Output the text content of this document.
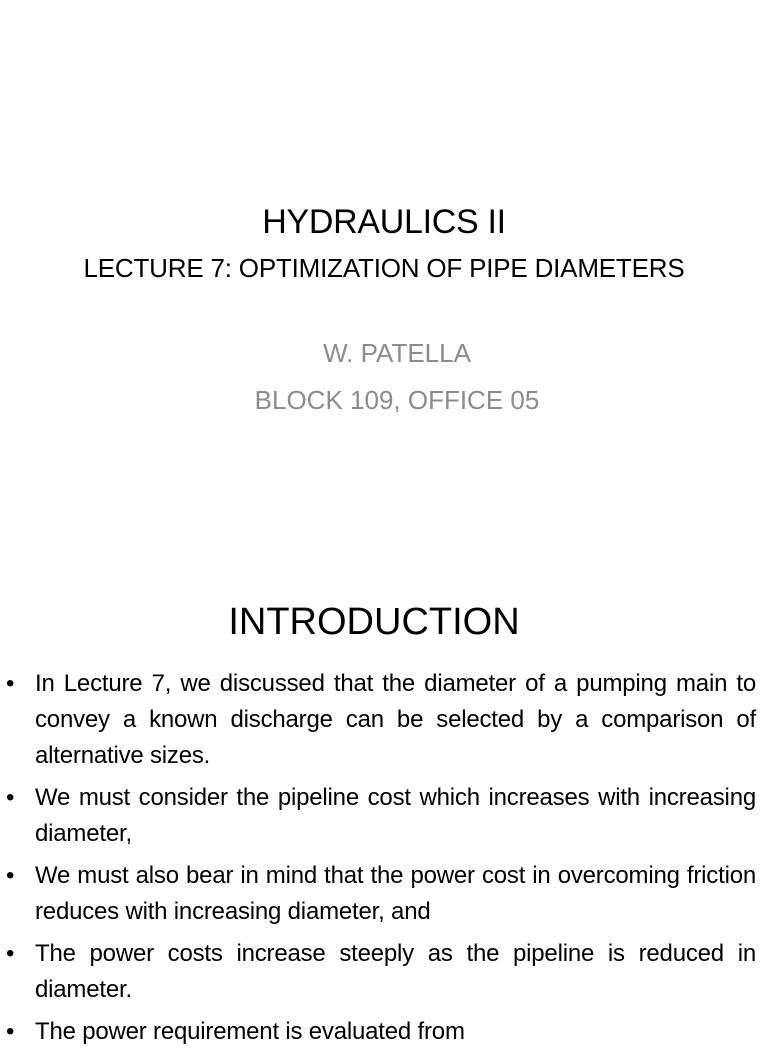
HYDRAULICS II
LECTURE 7: OPTIMIZATION OF PIPE DIAMETERS
W. PATELLA
BLOCK 109, OFFICE 05
INTRODUCTION
• In Lecture 7, we discussed that the diameter of a pumping main to convey a known discharge can be selected by a comparison of alternative sizes.
• We must consider the pipeline cost which increases with increasing diameter,
• We must also bear in mind that the power cost in overcoming friction reduces with increasing diameter, and
• The power costs increase steeply as the pipeline is reduced in diameter.
• The power requirement is evaluated from
